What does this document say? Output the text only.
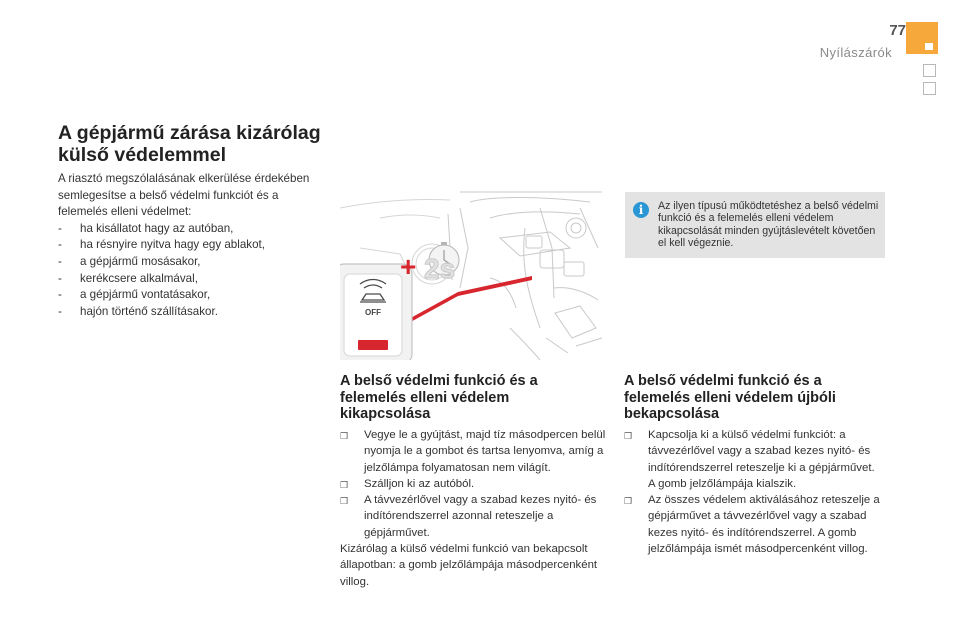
77
Nyílászárók
A gépjármű zárása kizárólag külső védelemmel

A riasztó megszólalásának elkerülése érdekében semlegesítse a belső védelmi funkciót és a felemelés elleni védelmet:

- ha kisállatot hagy az autóban,
- ha résnyire nyitva hagy egy ablakot,
- a gépjármű mosásakor,
- kerékcsere alkalmával,
- a gépjármű vontatásakor,
- hajón történő szállításakor.	OFF
+ 2s
i	Az ilyen típusú működtetéshez a belső védelmi funkció és a felemelés elleni védelem kikapcsolását minden gyújtáslevételt követően el kell végeznie.
A belső védelmi funkció és a felemelés elleni védelem kikapcsolása
❒ Vegye le a gyújtást, majd tíz másodpercen belül nyomja le a gombot és tartsa lenyomva, amíg a jelzőlámpa folyamatosan nem világít.
❒ Szálljon ki az autóból.
❒ A távvezérlővel vagy a szabad kezes nyitó- és indítórendszerrel azonnal reteszelje a gépjárművet.

Kizárólag a külső védelmi funkció van bekapcsolt állapotban: a gomb jelzőlámpája másodpercenként villog.

A belső védelmi funkció és a felemelés elleni védelem újbóli bekapcsolása
❒ Kapcsolja ki a külső védelmi funkciót: a távvezérlővel vagy a szabad kezes nyitó- és indítórendszerrel reteszelje ki a gépjárművet. A gomb jelzőlámpája kialszik.
❒ Az összes védelem aktiválásához reteszelje a gépjárművet a távvezérlővel vagy a szabad kezes nyitó- és indítórendszerrel. A gomb jelzőlámpája ismét másodpercenként villog.
